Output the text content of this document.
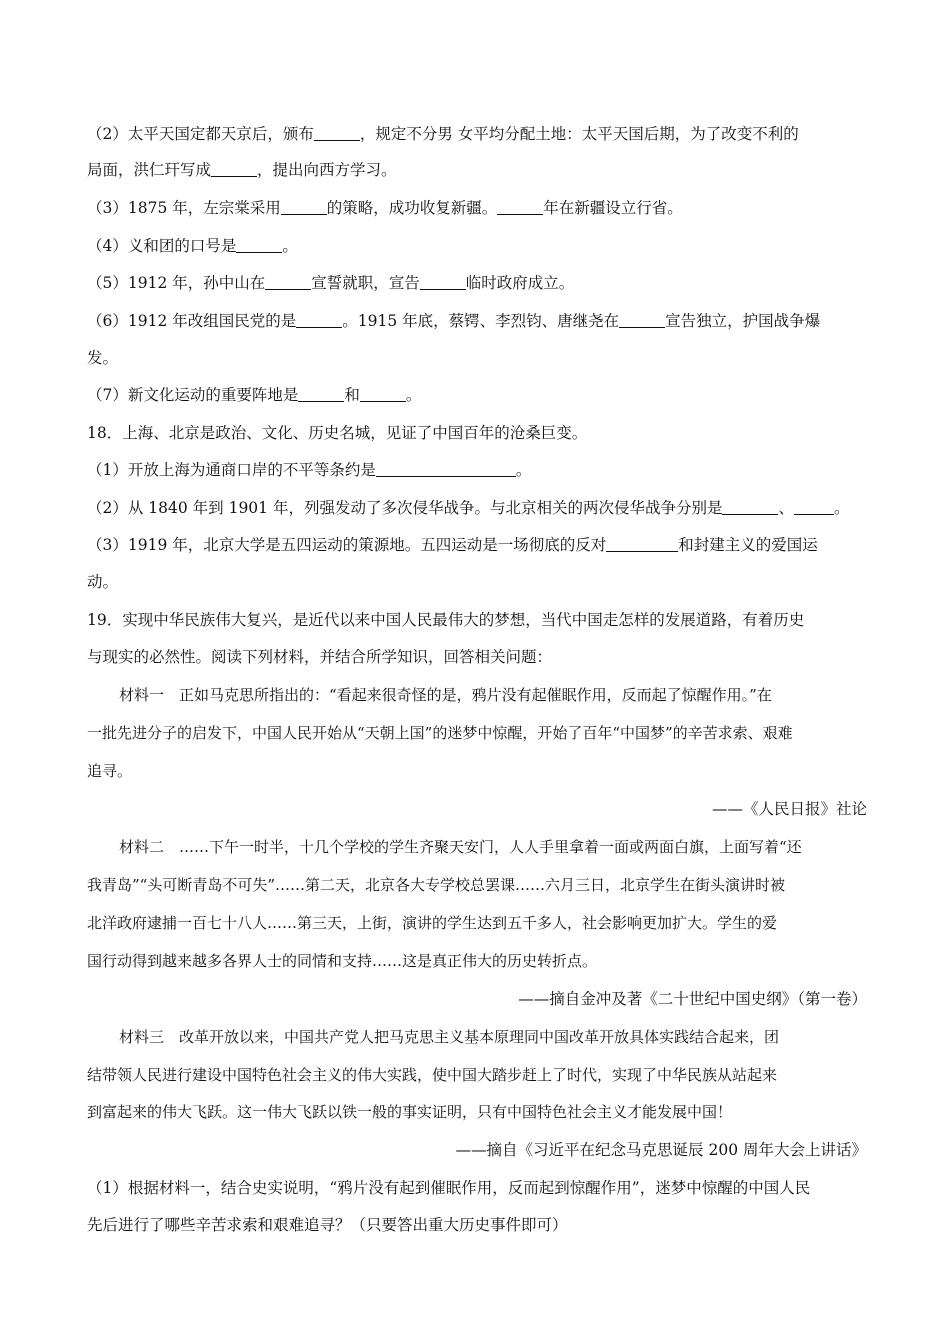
（2）太平天国定都天京后，颁布	，规定不分男 女平均分配土地：太平天国后期，为了改变不利的
局面，洪仁玕写成	，提出向西方学习。
（3）1875 年，左宗棠采用	的策略，成功收复新疆。	年在新疆设立行省。
（4）义和团的口号是	。
（5）1912 年，孙中山在	宣誓就职，宣告	临时政府成立。
（6）1912 年改组国民党的是	。1915 年底，蔡锷、李烈钧、唐继尧在	宣告独立，护国战争爆
发。
（7）新文化运动的重要阵地是	和	。
18．上海、北京是政治、文化、历史名城，见证了中国百年的沧桑巨变。
（1）开放上海为通商口岸的不平等条约是	。
（2）从 1840 年到 1901 年，列强发动了多次侵华战争。与北京相关的两次侵华战争分别是	、	。
（3）1919 年，北京大学是五四运动的策源地。五四运动是一场彻底的反对	和封建主义的爱国运
动。
19．实现中华民族伟大复兴，是近代以来中国人民最伟大的梦想，当代中国走怎样的发展道路，有着历史
与现实的必然性。阅读下列材料，并结合所学知识，回答相关问题：
材料一　正如马克思所指出的：“看起来很奇怪的是，鸦片没有起催眠作用，反而起了惊醒作用。”在
一批先进分子的启发下，中国人民开始从“天朝上国”的迷梦中惊醒，开始了百年“中国梦”的辛苦求索、艰难
追寻。
——《人民日报》社论
材料二　……下午一时半，十几个学校的学生齐聚天安门，人人手里拿着一面或两面白旗，上面写着“还
我青岛”“头可断青岛不可失”……第二天，北京各大专学校总罢课……六月三日，北京学生在街头演讲时被
北洋政府逮捕一百七十八人……第三天，上街，演讲的学生达到五千多人，社会影响更加扩大。学生的爱
国行动得到越来越多各界人士的同情和支持……这是真正伟大的历史转折点。
——摘自金冲及著《二十世纪中国史纲》（第一卷）
材料三　改革开放以来，中国共产党人把马克思主义基本原理同中国改革开放具体实践结合起来，团
结带领人民进行建设中国特色社会主义的伟大实践，使中国大踏步赶上了时代，实现了中华民族从站起来
到富起来的伟大飞跃。这一伟大飞跃以铁一般的事实证明，只有中国特色社会主义才能发展中国！
——摘自《习近平在纪念马克思诞辰 200 周年大会上讲话》
（1）根据材料一，结合史实说明，“鸦片没有起到催眠作用，反而起到惊醒作用”，迷梦中惊醒的中国人民
先后进行了哪些辛苦求索和艰难追寻？（只要答出重大历史事件即可）
